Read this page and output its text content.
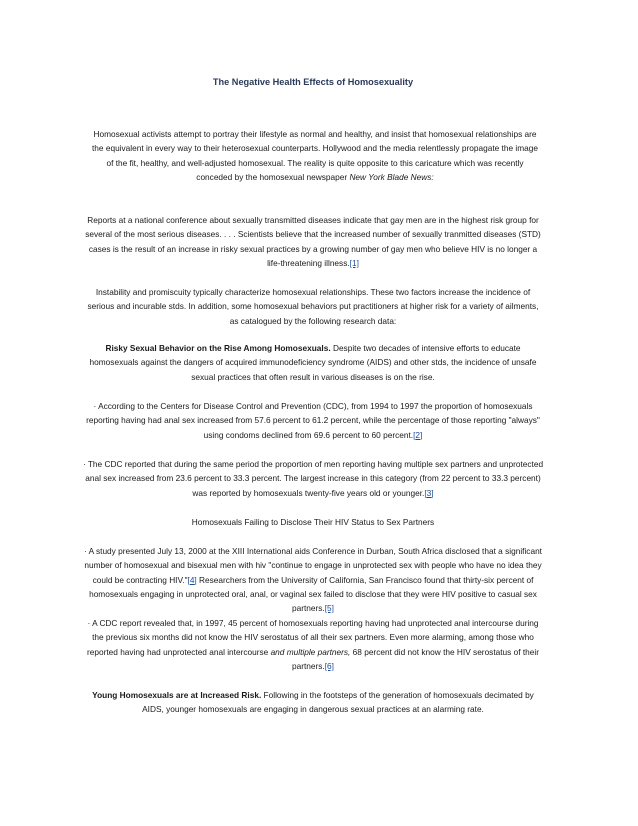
The Negative Health Effects of Homosexuality

Homosexual activists attempt to portray their lifestyle as normal and healthy, and insist that homosexual relationships are the equivalent in every way to their heterosexual counterparts. Hollywood and the media relentlessly propagate the image of the fit, healthy, and well-adjusted homosexual. The reality is quite opposite to this caricature which was recently conceded by the homosexual newspaper New York Blade News:

Reports at a national conference about sexually transmitted diseases indicate that gay men are in the highest risk group for several of the most serious diseases. . . . Scientists believe that the increased number of sexually tranmitted diseases (STD) cases is the result of an increase in risky sexual practices by a growing number of gay men who believe HIV is no longer a life-threatening illness.[1]

Instability and promiscuity typically characterize homosexual relationships. These two factors increase the incidence of serious and incurable stds. In addition, some homosexual behaviors put practitioners at higher risk for a variety of ailments, as catalogued by the following research data:

Risky Sexual Behavior on the Rise Among Homosexuals. Despite two decades of intensive efforts to educate homosexuals against the dangers of acquired immunodeficiency syndrome (AIDS) and other stds, the incidence of unsafe sexual practices that often result in various diseases is on the rise.

· According to the Centers for Disease Control and Prevention (CDC), from 1994 to 1997 the proportion of homosexuals reporting having had anal sex increased from 57.6 percent to 61.2 percent, while the percentage of those reporting "always" using condoms declined from 69.6 percent to 60 percent.[2]

· The CDC reported that during the same period the proportion of men reporting having multiple sex partners and unprotected anal sex increased from 23.6 percent to 33.3 percent. The largest increase in this category (from 22 percent to 33.3 percent) was reported by homosexuals twenty-five years old or younger.[3]

Homosexuals Failing to Disclose Their HIV Status to Sex Partners

· A study presented July 13, 2000 at the XIII International aids Conference in Durban, South Africa disclosed that a significant number of homosexual and bisexual men with hiv "continue to engage in unprotected sex with people who have no idea they could be contracting HIV."[4] Researchers from the University of California, San Francisco found that thirty-six percent of homosexuals engaging in unprotected oral, anal, or vaginal sex failed to disclose that they were HIV positive to casual sex partners.[5]

· A CDC report revealed that, in 1997, 45 percent of homosexuals reporting having had unprotected anal intercourse during the previous six months did not know the HIV serostatus of all their sex partners. Even more alarming, among those who reported having had unprotected anal intercourse and multiple partners, 68 percent did not know the HIV serostatus of their partners.[6]

Young Homosexuals are at Increased Risk. Following in the footsteps of the generation of homosexuals decimated by AIDS, younger homosexuals are engaging in dangerous sexual practices at an alarming rate.
